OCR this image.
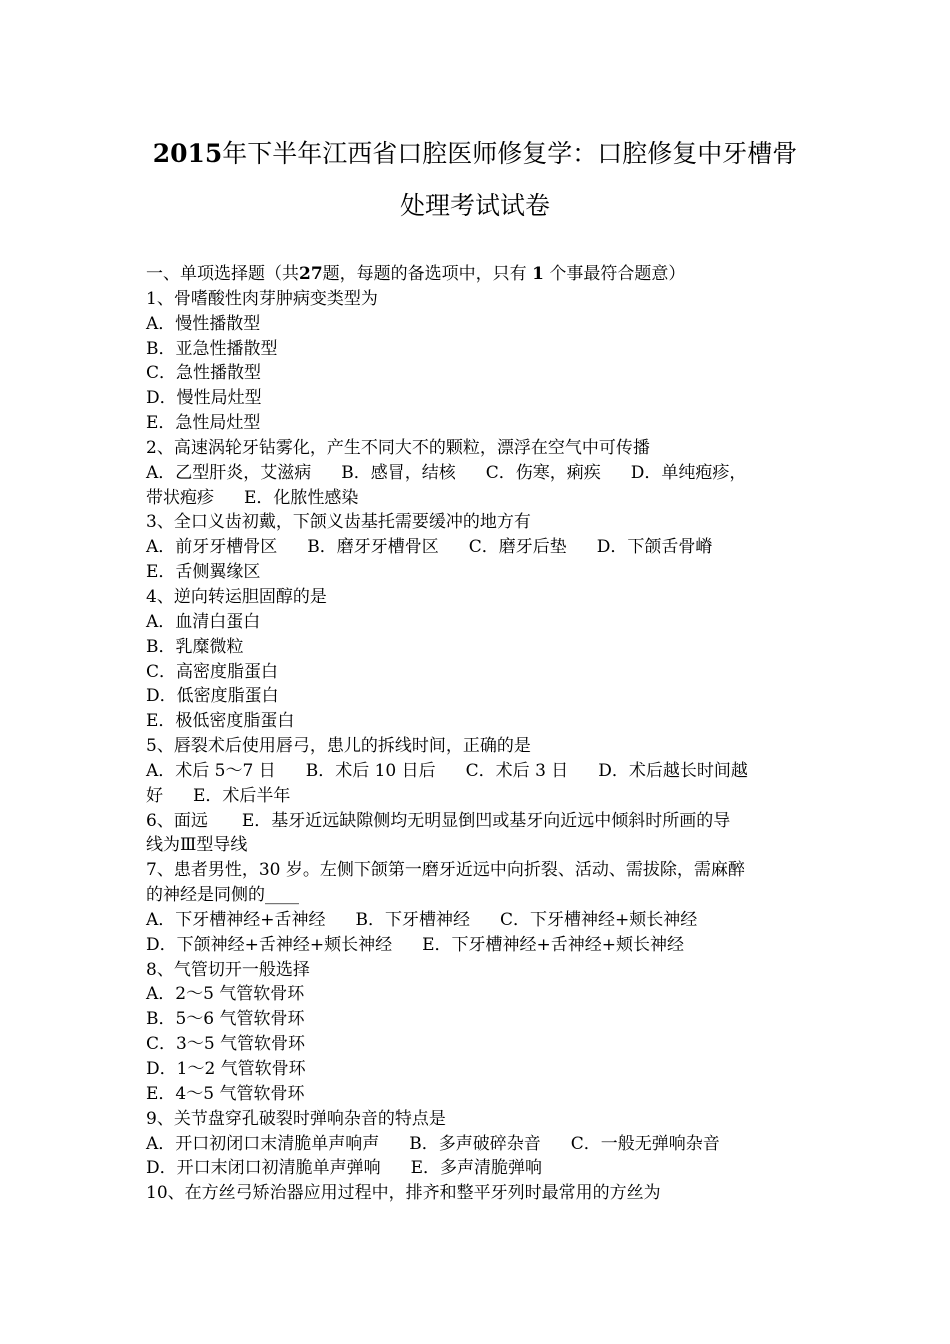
2015年下半年江西省口腔医师修复学：口腔修复中牙槽骨
处理考试试卷
一、单项选择题（共27题，每题的备选项中，只有 1 个事最符合题意）
1、骨嗜酸性肉芽肿病变类型为
A．慢性播散型
B．亚急性播散型
C．急性播散型
D．慢性局灶型
E．急性局灶型
2、高速涡轮牙钻雾化，产生不同大不的颗粒，漂浮在空气中可传播
A．乙型肝炎，艾滋病 B．感冒，结核 C．伤寒，痢疾 D．单纯疱疹，
带状疱疹 E．化脓性感染
3、全口义齿初戴，下颌义齿基托需要缓冲的地方有
A．前牙牙槽骨区 B．磨牙牙槽骨区 C．磨牙后垫 D．下颌舌骨嵴
E．舌侧翼缘区
4、逆向转运胆固醇的是
A．血清白蛋白
B．乳糜微粒
C．高密度脂蛋白
D．低密度脂蛋白
E．极低密度脂蛋白
5、唇裂术后使用唇弓，患儿的拆线时间，正确的是
A．术后 5～7 日 B．术后 10 日后 C．术后 3 日 D．术后越长时间越
好 E．术后半年
6、面远　　E．基牙近远缺隙侧均无明显倒凹或基牙向近远中倾斜时所画的导
线为Ⅲ型导线
7、患者男性，30 岁。左侧下颌第一磨牙近远中向折裂、活动、需拔除，需麻醉
的神经是同侧的____
A．下牙槽神经+舌神经 B．下牙槽神经 C．下牙槽神经+颊长神经
D．下颌神经+舌神经+颊长神经 E．下牙槽神经+舌神经+颊长神经
8、气管切开一般选择
A．2～5 气管软骨环
B．5～6 气管软骨环
C．3～5 气管软骨环
D．1～2 气管软骨环
E．4～5 气管软骨环
9、关节盘穿孔破裂时弹响杂音的特点是
A．开口初闭口末清脆单声响声 B．多声破碎杂音 C．一般无弹响杂音
D．开口末闭口初清脆单声弹响 E．多声清脆弹响
10、在方丝弓矫治器应用过程中，排齐和整平牙列时最常用的方丝为
